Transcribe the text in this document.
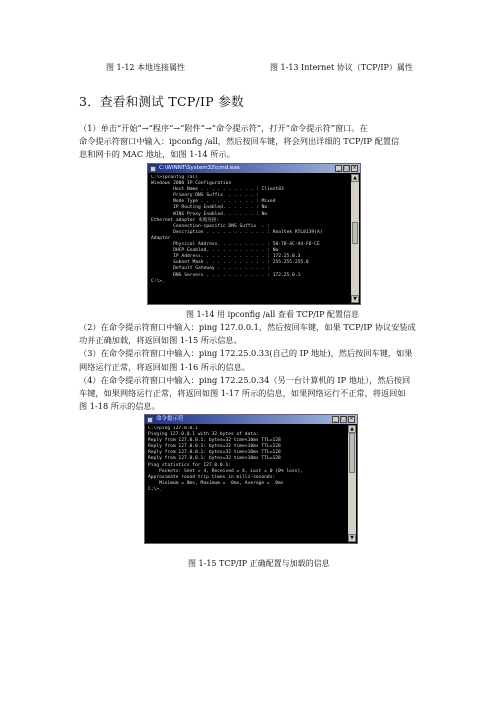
图 1-12 本地连接属性	图 1-13 Internet 协议（TCP/IP）属性
3．查看和测试 TCP/IP 参数
（1）单击“开始”→“程序”→“附件”→“命令提示符”，打开“命令提示符”窗口。在
命令提示符窗口中输入：ipconfig /all，然后按回车键，将会列出详细的 TCP/IP 配置信
息和网卡的 MAC 地址，如图 1-14 所示。
C:\WINNT\System32\cmd.exe	_ □ ×
C:\>ipconfig /all
Windows 2000 IP Configuration
Host Name . . . . . . . . . . : Client03
Primary DNS Suffix  . . . . . :
Node Type . . . . . . . . . . : Mixed
IP Routing Enabled. . . . . . : No
WINS Proxy Enabled. . . . . . : No
Ethernet adapter 本地连接:
Connection-specific DNS Suffix  . :
Description . . . . . . . . . . . : Realtek RTL8139(A)
Adapter
Physical Address. . . . . . . . . : 50-78-4C-44-F6-CE
DHCP Enabled. . . . . . . . . . . : No
IP Address. . . . . . . . . . . . : 172.25.0.3
Subnet Mask . . . . . . . . . . . : 255.255.255.0
Default Gateway . . . . . . . . . :
DNS Servers . . . . . . . . . . . : 172.25.0.1
C:\>_
▲
▼
图 1-14 用 ipconfig /all 查看 TCP/IP 配置信息
（2）在命令提示符窗口中输入：ping 127.0.0.1，然后按回车键，如果 TCP/IP 协议安装成
功并正确加载，将返回如图 1-15 所示信息。
（3）在命令提示符窗口中输入：ping 172.25.0.33(自己的 IP 地址)，然后按回车键，如果
网络运行正常，将返回如图 1-16 所示的信息。
（4）在命令提示符窗口中输入：ping 172.25.0.34（另一台计算机的 IP 地址），然后按回
车键，如果网络运行正常，将返回如图 1-17 所示的信息，如果网络运行不正常，将返回如
图 1-18 所示的信息。
命令提示符	_ □ ×
C:\>ping 127.0.0.1
Pinging 127.0.0.1 with 32 bytes of data:
Reply from 127.0.0.1: bytes=32 time<10ms TTL=128
Reply from 127.0.0.1: bytes=32 time<10ms TTL=128
Reply from 127.0.0.1: bytes=32 time<10ms TTL=128
Reply from 127.0.0.1: bytes=32 time<10ms TTL=128
Ping statistics for 127.0.0.1:
Packets: Sent = 4, Received = 4, Lost = 0 (0% loss),
Approximate round trip times in milli-seconds:
Minimum = 0ms, Maximum =  0ms, Average =  0ms
C:\>_
▲
▼
图 1-15 TCP/IP 正确配置与加载的信息
